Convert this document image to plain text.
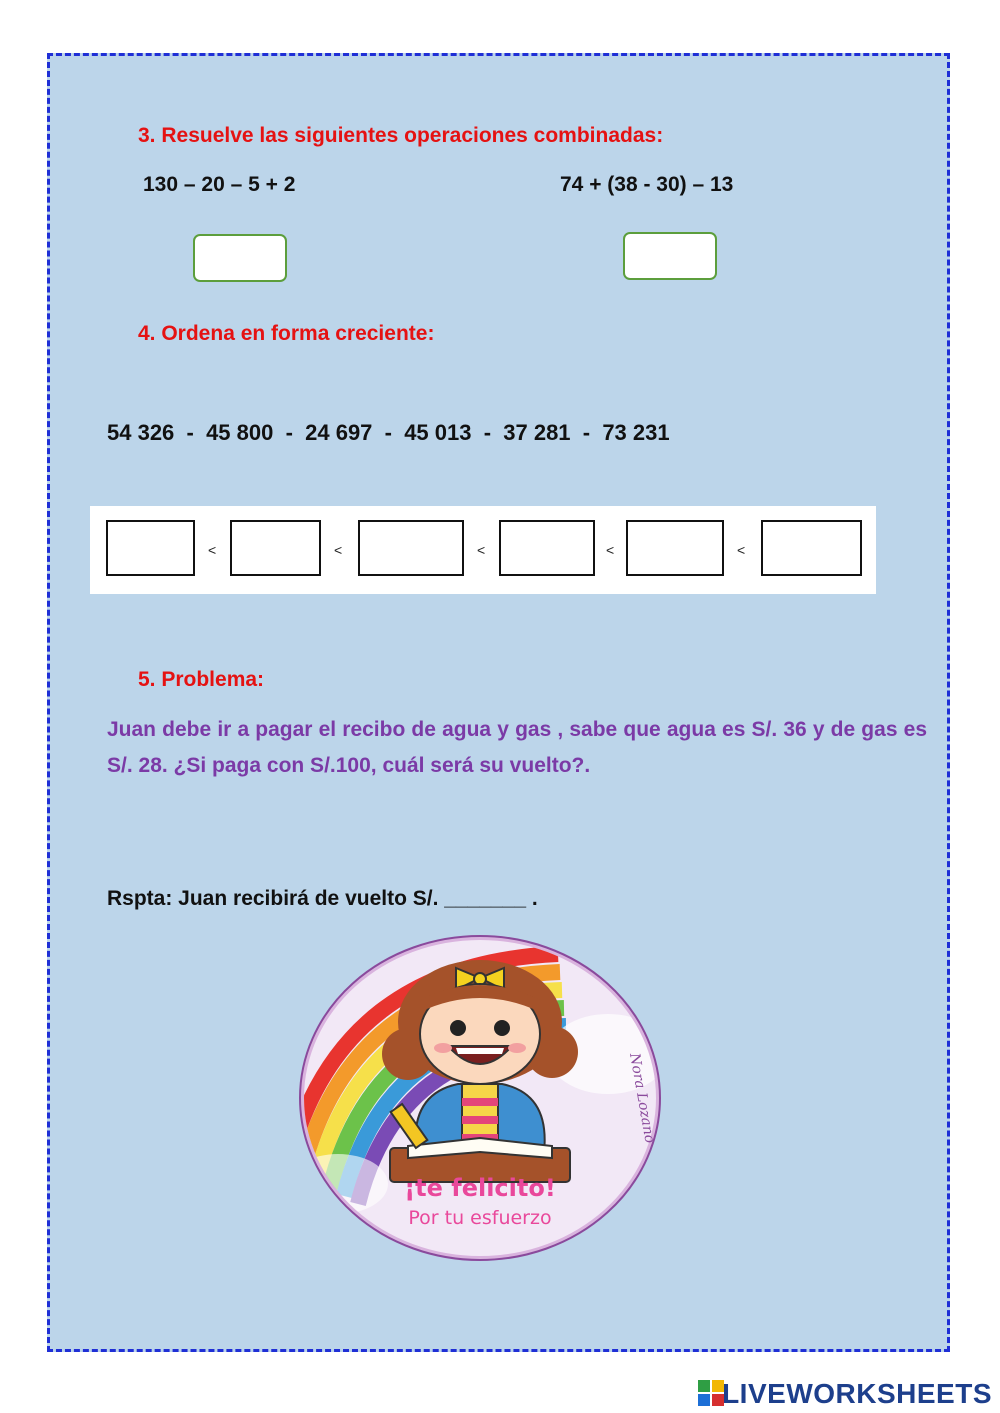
3. Resuelve las siguientes operaciones combinadas:
130 – 20 – 5 + 2	74 + (38 - 30) – 13
4. Ordena en forma creciente:
54 326  -  45 800  -  24 697  -  45 013  -  37 281  -  73 231
<	<	<	<	<
5. Problema:
Juan debe ir a pagar el recibo de agua y gas , sabe que agua es S/. 36 y de gas es S/. 28. ¿Si paga con S/.100, cuál será su vuelto?.
Rspta: Juan recibirá de vuelto S/. _______ .
¡te felicito!
Por tu esfuerzo
Nora Lozano
LIVEWORKSHEETS
